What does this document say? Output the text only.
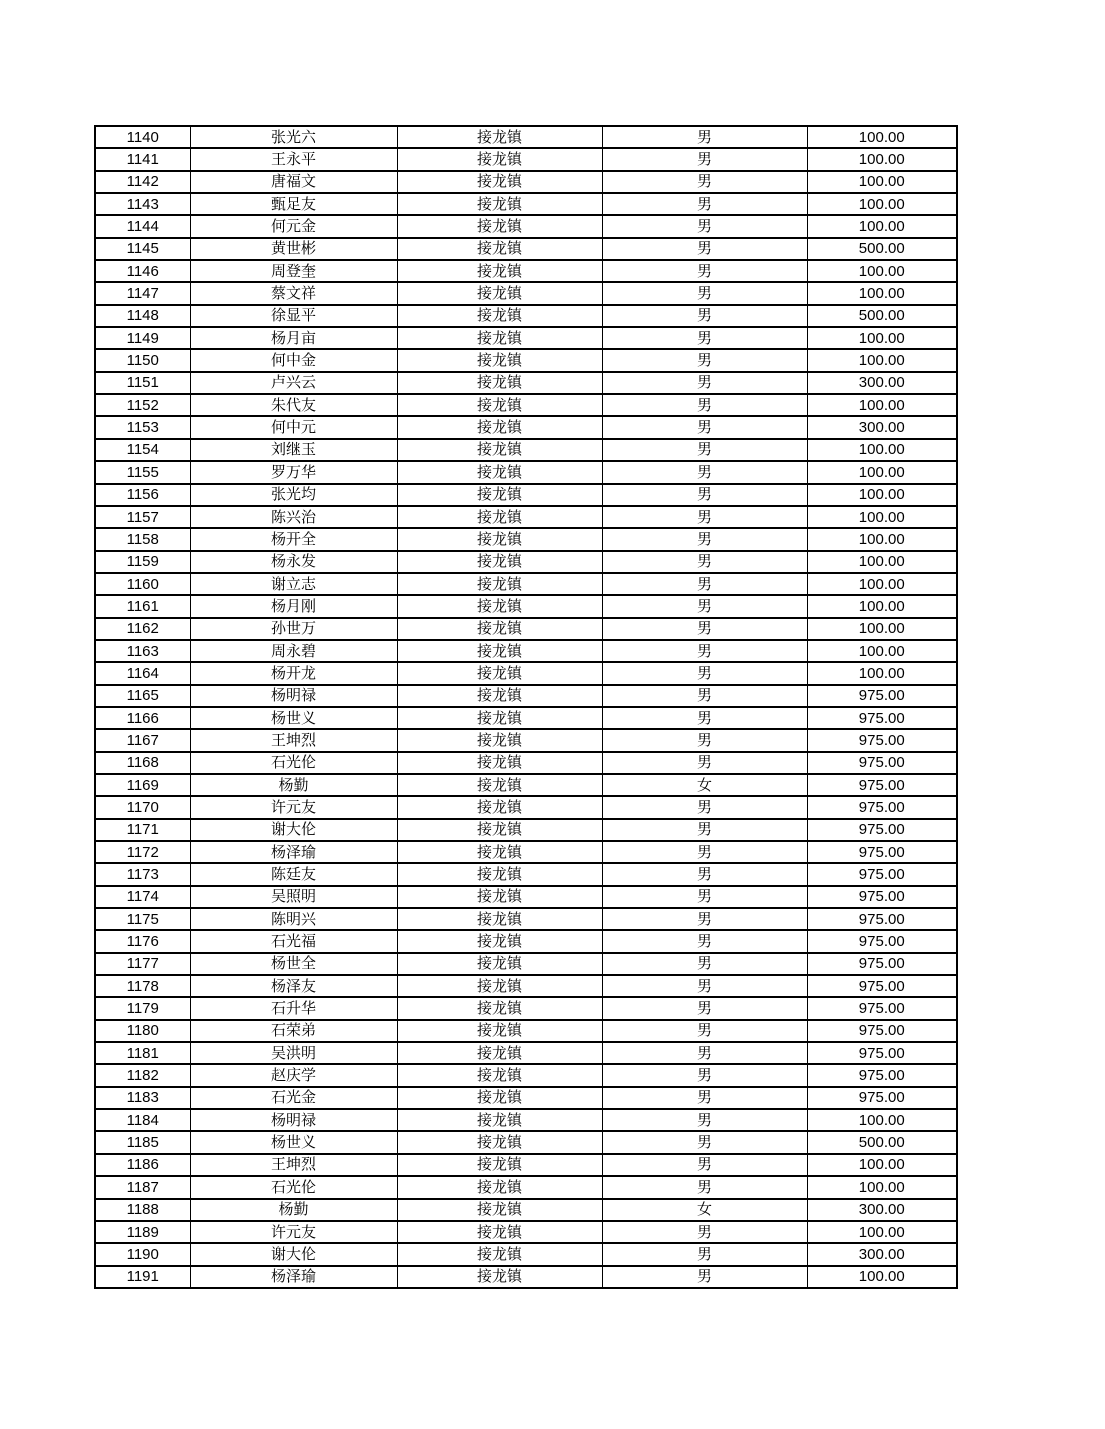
1140	张光六	接龙镇	男	100.00
1141	王永平	接龙镇	男	100.00
1142	唐福文	接龙镇	男	100.00
1143	甄足友	接龙镇	男	100.00
1144	何元金	接龙镇	男	100.00
1145	黄世彬	接龙镇	男	500.00
1146	周登奎	接龙镇	男	100.00
1147	蔡文祥	接龙镇	男	100.00
1148	徐显平	接龙镇	男	500.00
1149	杨月亩	接龙镇	男	100.00
1150	何中金	接龙镇	男	100.00
1151	卢兴云	接龙镇	男	300.00
1152	朱代友	接龙镇	男	100.00
1153	何中元	接龙镇	男	300.00
1154	刘继玉	接龙镇	男	100.00
1155	罗万华	接龙镇	男	100.00
1156	张光均	接龙镇	男	100.00
1157	陈兴治	接龙镇	男	100.00
1158	杨开全	接龙镇	男	100.00
1159	杨永发	接龙镇	男	100.00
1160	谢立志	接龙镇	男	100.00
1161	杨月刚	接龙镇	男	100.00
1162	孙世万	接龙镇	男	100.00
1163	周永碧	接龙镇	男	100.00
1164	杨开龙	接龙镇	男	100.00
1165	杨明禄	接龙镇	男	975.00
1166	杨世义	接龙镇	男	975.00
1167	王坤烈	接龙镇	男	975.00
1168	石光伦	接龙镇	男	975.00
1169	杨勤	接龙镇	女	975.00
1170	许元友	接龙镇	男	975.00
1171	谢大伦	接龙镇	男	975.00
1172	杨泽瑜	接龙镇	男	975.00
1173	陈廷友	接龙镇	男	975.00
1174	吴照明	接龙镇	男	975.00
1175	陈明兴	接龙镇	男	975.00
1176	石光福	接龙镇	男	975.00
1177	杨世全	接龙镇	男	975.00
1178	杨泽友	接龙镇	男	975.00
1179	石升华	接龙镇	男	975.00
1180	石荣弟	接龙镇	男	975.00
1181	吴洪明	接龙镇	男	975.00
1182	赵庆学	接龙镇	男	975.00
1183	石光金	接龙镇	男	975.00
1184	杨明禄	接龙镇	男	100.00
1185	杨世义	接龙镇	男	500.00
1186	王坤烈	接龙镇	男	100.00
1187	石光伦	接龙镇	男	100.00
1188	杨勤	接龙镇	女	300.00
1189	许元友	接龙镇	男	100.00
1190	谢大伦	接龙镇	男	300.00
1191	杨泽瑜	接龙镇	男	100.00
